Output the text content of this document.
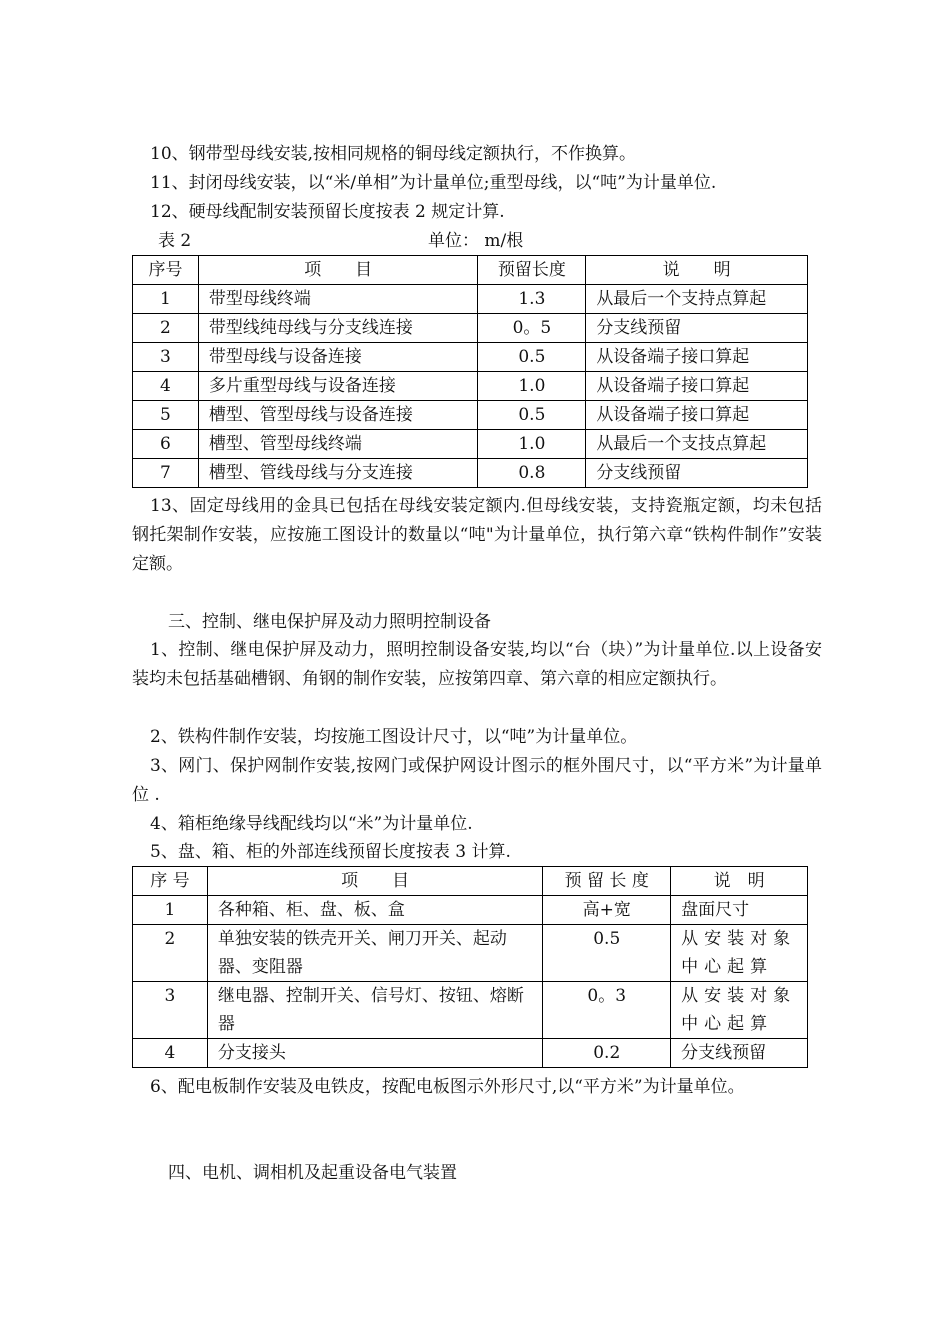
10、钢带型母线安装,按相同规格的铜母线定额执行，不作换算。
11、封闭母线安装，以“米/单相”为计量单位;重型母线，以“吨”为计量单位.
12、硬母线配制安装预留长度按表 2 规定计算.
表 2	单位： m/根
序号	项　　目	预留长度	说　　明
1	带型母线终端	1.3	从最后一个支持点算起
2	带型线纯母线与分支线连接	0。5	分支线预留
3	带型母线与设备连接	0.5	从设备端子接口算起
4	多片重型母线与设备连接	1.0	从设备端子接口算起
5	槽型、管型母线与设备连接	0.5	从设备端子接口算起
6	槽型、管型母线终端	1.0	从最后一个支技点算起
7	槽型、管线母线与分支连接	0.8	分支线预留
13、固定母线用的金具已包括在母线安装定额内.但母线安装，支持瓷瓶定额，均未包括钢托架制作安装，应按施工图设计的数量以“吨"为计量单位，执行第六章“铁构件制作”安装定额。
三、控制、继电保护屏及动力照明控制设备
1、控制、继电保护屏及动力，照明控制设备安装,均以“台（块）”为计量单位.以上设备安装均未包括基础槽钢、角钢的制作安装，应按第四章、第六章的相应定额执行。
2、铁构件制作安装，均按施工图设计尺寸，以“吨”为计量单位。
3、网门、保护网制作安装,按网门或保护网设计图示的框外围尺寸，以“平方米”为计量单位 .
4、箱柜绝缘导线配线均以“米”为计量单位.
5、盘、箱、柜的外部连线预留长度按表 3 计算.
序 号	项　　目	预 留 长 度	说　明
1	各种箱、柜、盘、板、盒	高+宽	盘面尺寸
2	单独安装的铁壳开关、闸刀开关、起动器、变阻器	0.5	从安装对象中心起算
3	继电器、控制开关、信号灯、按钮、熔断器	0。3	从安装对象中心起算
4	分支接头	0.2	分支线预留
6、配电板制作安装及电铁皮，按配电板图示外形尺寸,以“平方米”为计量单位。
四、电机、调相机及起重设备电气装置
